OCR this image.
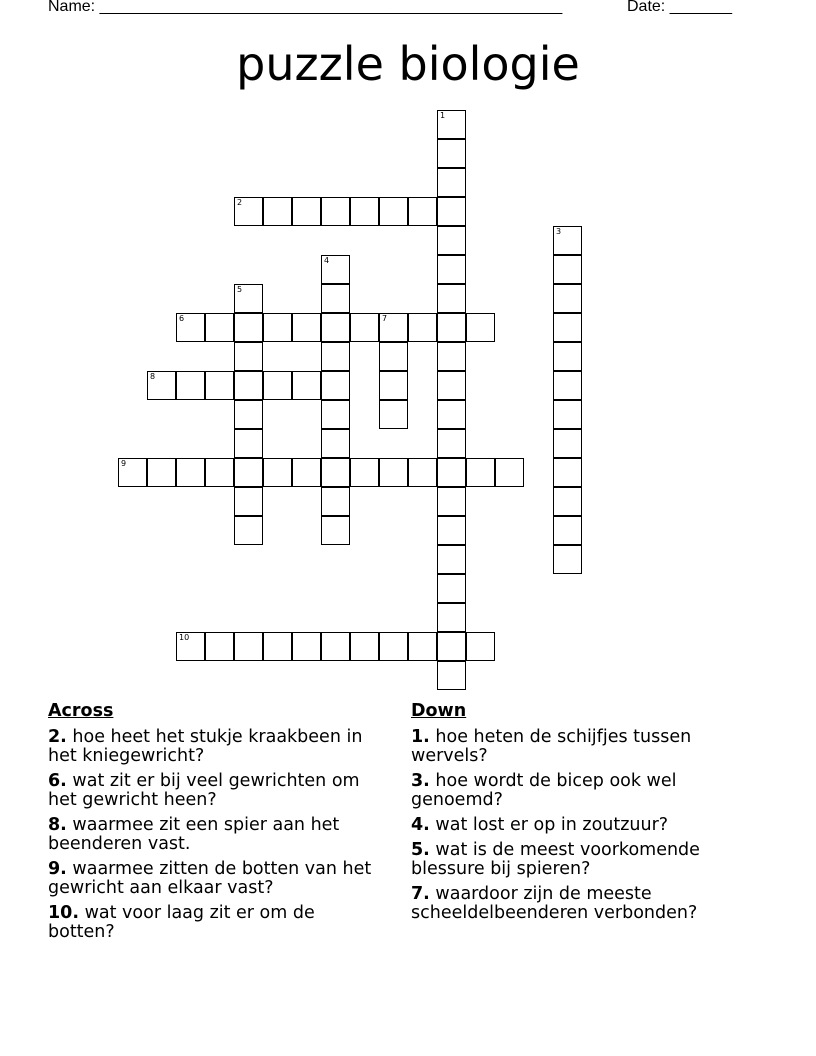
Name: ____________________________________________________	Date: _______
puzzle biologie
1
2
3
4
5
6	7
8
9
10
Across
2. hoe heet het stukje kraakbeen in het kniegewricht?
6. wat zit er bij veel gewrichten om het gewricht heen?
8. waarmee zit een spier aan het beenderen vast.
9. waarmee zitten de botten van het gewricht aan elkaar vast?
10. wat voor laag zit er om de botten?
Down
1. hoe heten de schijfjes tussen wervels?
3. hoe wordt de bicep ook wel genoemd?
4. wat lost er op in zoutzuur?
5. wat is de meest voorkomende blessure bij spieren?
7. waardoor zijn de meeste scheeldelbeenderen verbonden?
